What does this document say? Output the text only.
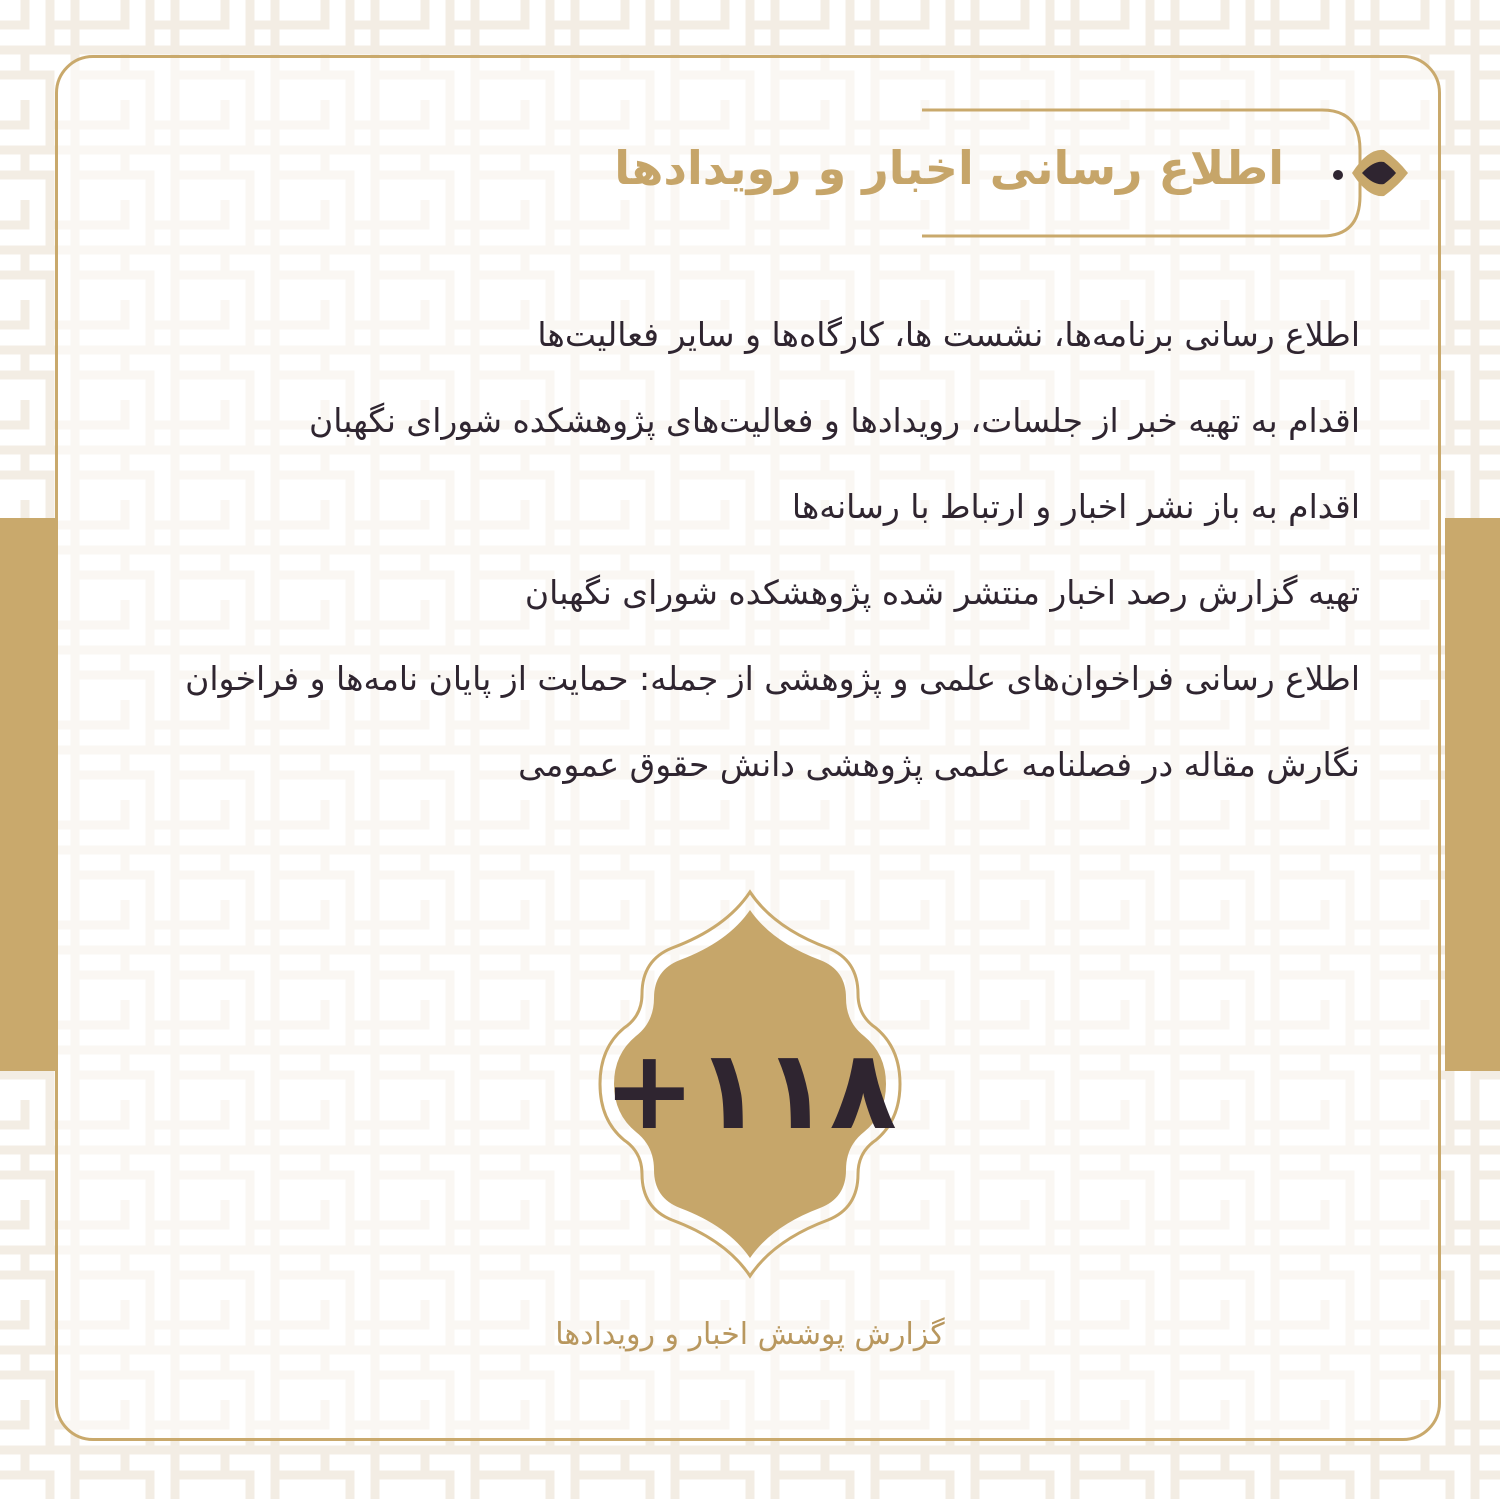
اطلاع رسانی اخبار و رویدادها
اطلاع رسانی برنامه‌ها، نشست ها، کارگاه‌ها و سایر فعالیت‌ها
اقدام به تهیه خبر از جلسات، رویدادها و فعالیت‌های پژوهشکده شورای نگهبان
اقدام به باز نشر اخبار و ارتباط با رسانه‌ها
تهیه گزارش رصد اخبار منتشر شده پژوهشکده شورای نگهبان
اطلاع رسانی فراخوان‌های علمی و پژوهشی از جمله: حمایت از پایان نامه‌ها و فراخوان
نگارش مقاله در فصلنامه علمی پژوهشی دانش حقوق عمومی
+۱۱۸
گزارش پوشش اخبار و رویدادها
